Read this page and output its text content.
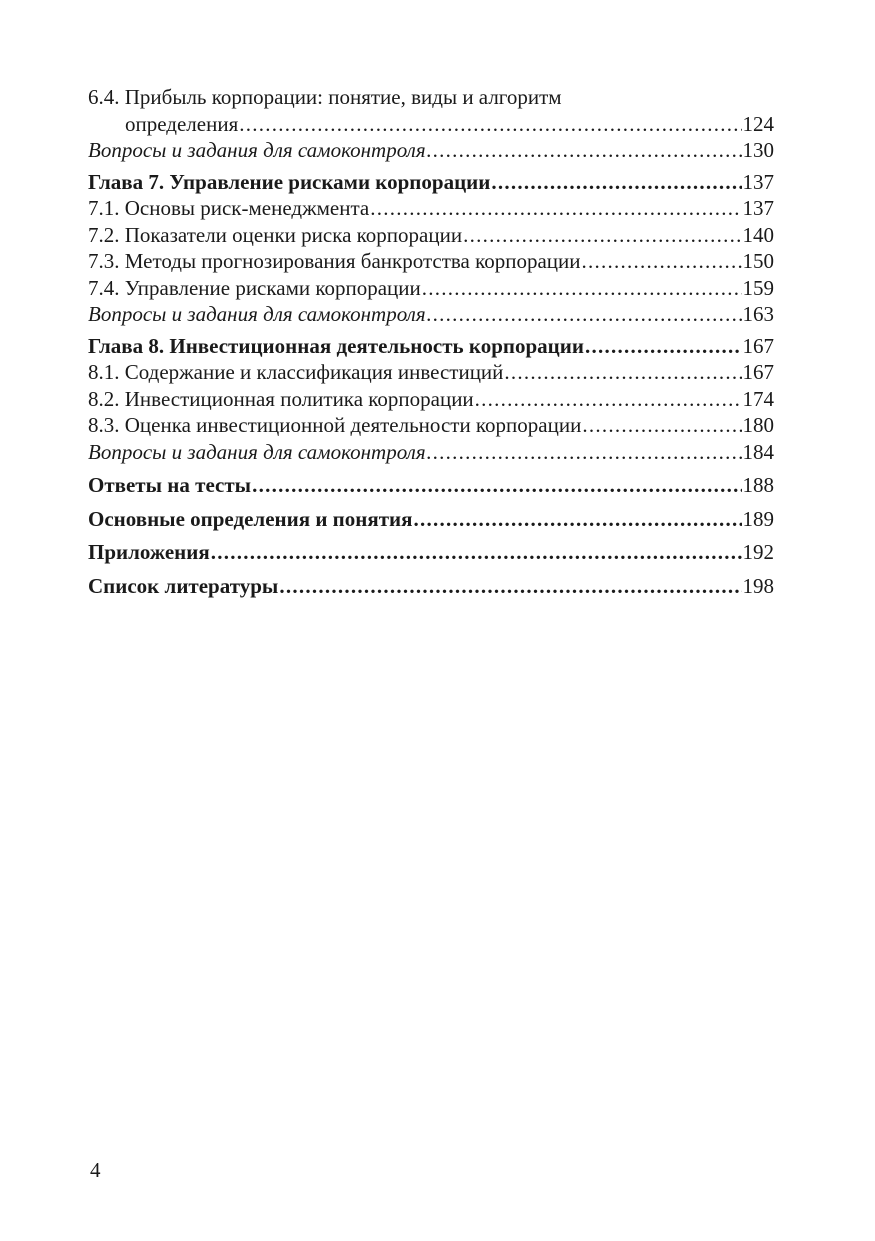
6.4. Прибыль корпорации: понятие, виды и алгоритм
определения . . .	124
Вопросы и задания для самоконтроля . . .	130
Глава 7. Управление рисками корпорации . . .	137
7.1. Основы риск-менеджмента . . .	137
7.2. Показатели оценки риска корпорации . . .	140
7.3. Методы прогнозирования банкротства корпорации . . .	150
7.4. Управление рисками корпорации . . .	159
Вопросы и задания для самоконтроля . . .	163
Глава 8. Инвестиционная деятельность корпорации . . .	167
8.1. Содержание и классификация инвестиций . . .	167
8.2. Инвестиционная политика корпорации . . .	174
8.3. Оценка инвестиционной деятельности корпорации . . .	180
Вопросы и задания для самоконтроля . . .	184
Ответы на тесты . . .	188
Основные определения и понятия . . .	189
Приложения . . .	192
Список литературы . . .	198
4
